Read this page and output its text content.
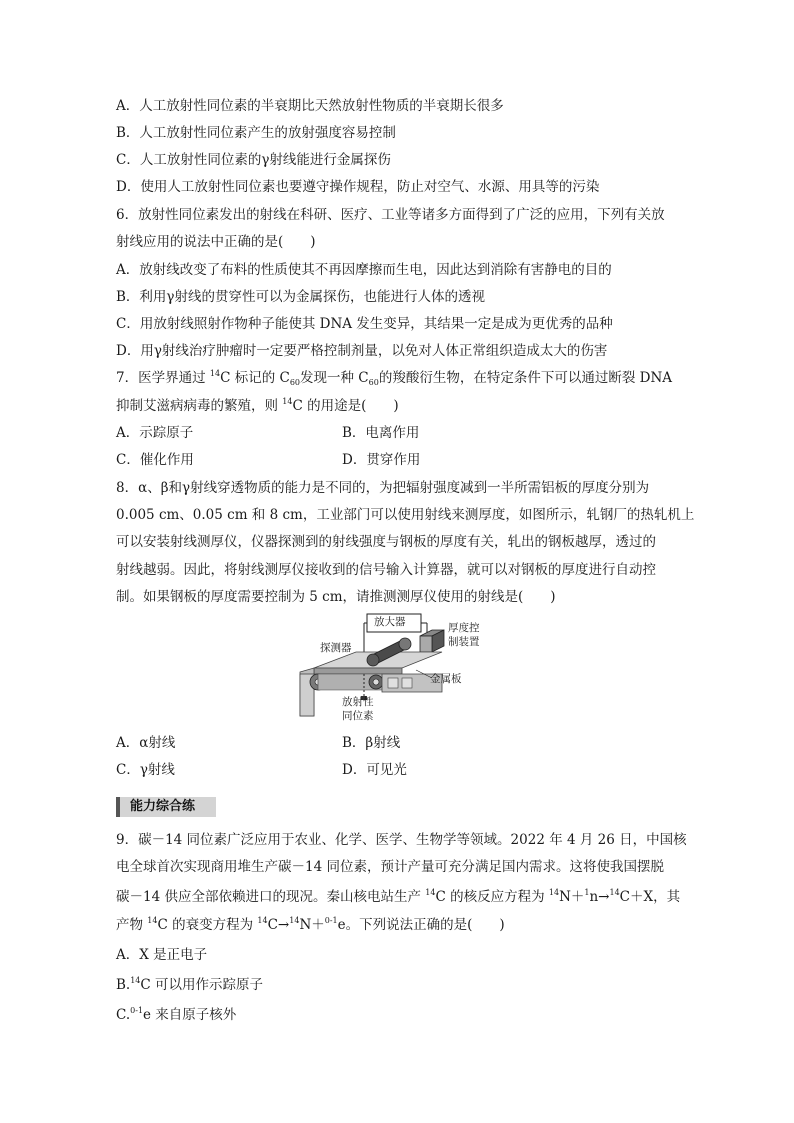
A．人工放射性同位素的半衰期比天然放射性物质的半衰期长很多
B．人工放射性同位素产生的放射强度容易控制
C．人工放射性同位素的γ射线能进行金属探伤
D．使用人工放射性同位素也要遵守操作规程，防止对空气、水源、用具等的污染
6．放射性同位素发出的射线在科研、医疗、工业等诸多方面得到了广泛的应用，下列有关放
射线应用的说法中正确的是(　　)
A．放射线改变了布料的性质使其不再因摩擦而生电，因此达到消除有害静电的目的
B．利用γ射线的贯穿性可以为金属探伤，也能进行人体的透视
C．用放射线照射作物种子能使其 DNA 发生变异，其结果一定是成为更优秀的品种
D．用γ射线治疗肿瘤时一定要严格控制剂量，以免对人体正常组织造成太大的伤害
7．医学界通过 $^{14}$C 标记的 $C_{60}$发现一种 $C_{60}$的羧酸衍生物，在特定条件下可以通过断裂 DNA
抑制艾滋病病毒的繁殖，则 $^{14}$C 的用途是(　　)
A．示踪原子	B．电离作用
C．催化作用	D．贯穿作用
8．α、β和γ射线穿透物质的能力是不同的，为把辐射强度减到一半所需铝板的厚度分别为
0.005 cm、0.05 cm 和 8 cm，工业部门可以使用射线来测厚度，如图所示，轧钢厂的热轧机上
可以安装射线测厚仪，仪器探测到的射线强度与钢板的厚度有关，轧出的钢板越厚，透过的
射线越弱。因此，将射线测厚仪接收到的信号输入计算器，就可以对钢板的厚度进行自动控
制。如果钢板的厚度需要控制为 5 cm，请推测测厚仪使用的射线是(　　)
放大器	厚度控
制装置
探测器
金属板
放射性
同位素
A．α射线	B．β射线
C．γ射线	D．可见光
能力综合练
9．碳－14 同位素广泛应用于农业、化学、医学、生物学等领域。2022 年 4 月 26 日，中国核
电全球首次实现商用堆生产碳－14 同位素，预计产量可充分满足国内需求。这将使我国摆脱
碳－14 供应全部依赖进口的现况。秦山核电站生产 $^{14}$C 的核反应方程为 $^{14}$N＋$^1$n→$^{14}$C＋X，其
产物 $^{14}$C 的衰变方程为 $^{14}$C→$^{14}$N＋$^{0-1}$e。下列说法正确的是(　　)
A．X 是正电子
B.$^{14}$C 可以用作示踪原子
C.$^{0-1}$e 来自原子核外
